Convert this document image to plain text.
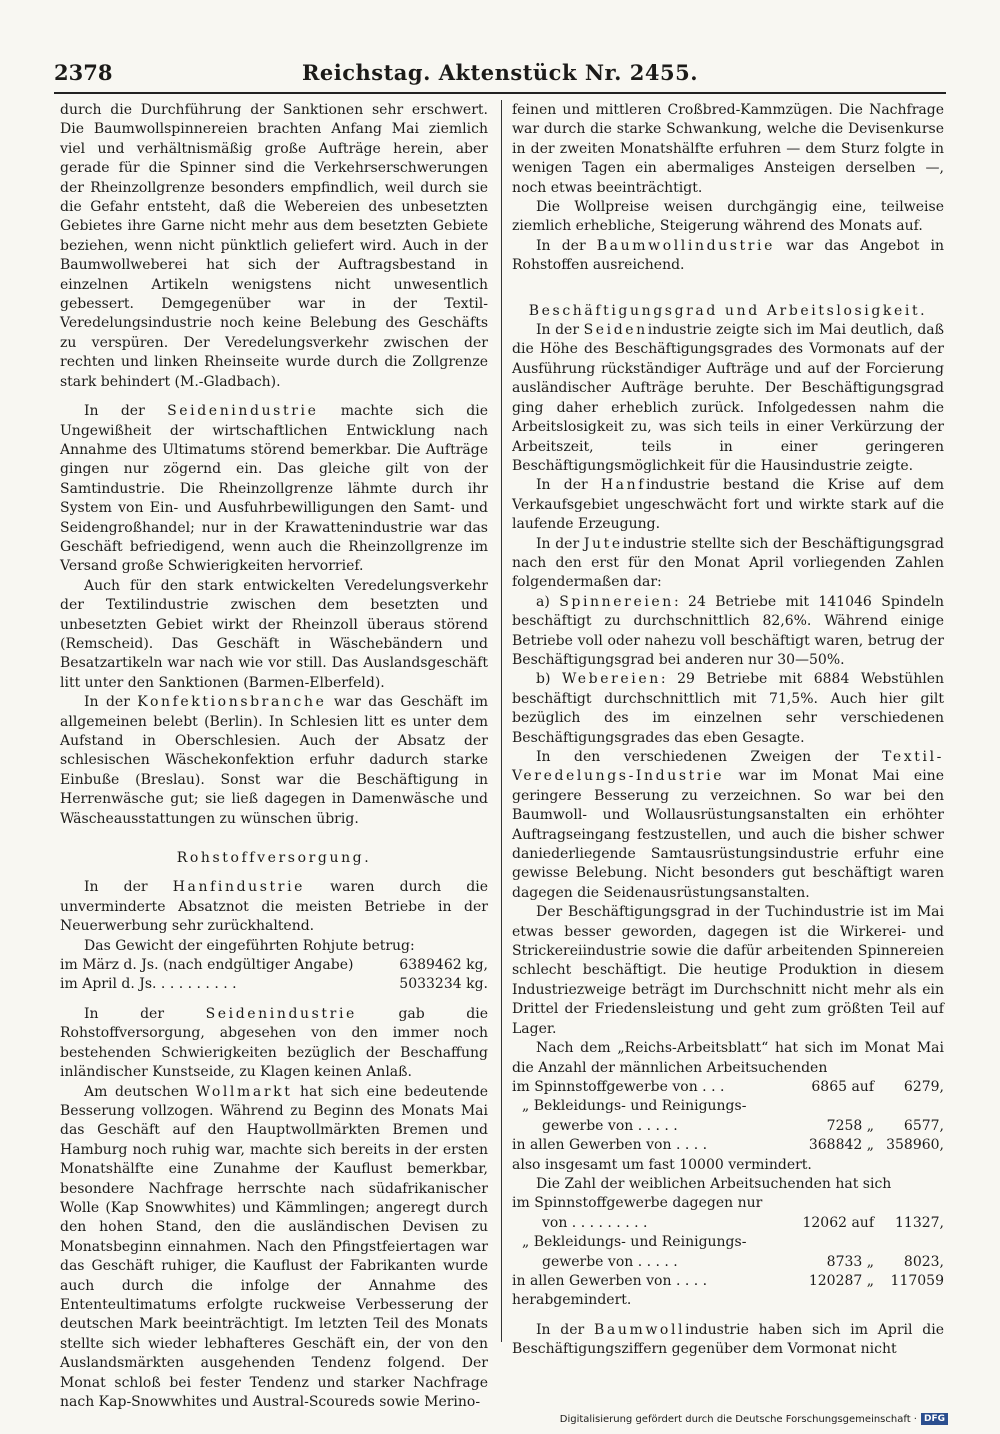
2378	Reichstag. Aktenstück Nr. 2455.

durch die Durchführung der Sanktionen sehr erschwert. Die Baumwollspinnereien brachten Anfang Mai ziemlich viel und verhältnismäßig große Aufträge herein, aber gerade für die Spinner sind die Verkehrserschwerungen der Rheinzollgrenze besonders empfindlich, weil durch sie die Gefahr entsteht, daß die Webereien des unbesetzten Gebietes ihre Garne nicht mehr aus dem besetzten Gebiete beziehen, wenn nicht pünktlich geliefert wird. Auch in der Baumwollweberei hat sich der Auftragsbestand in einzelnen Artikeln wenigstens nicht unwesentlich gebessert. Demgegenüber war in der Textil-Veredelungsindustrie noch keine Belebung des Geschäfts zu verspüren. Der Veredelungsverkehr zwischen der rechten und linken Rheinseite wurde durch die Zollgrenze stark behindert (M.-Gladbach).

In der Seidenindustrie machte sich die Ungewißheit der wirtschaftlichen Entwicklung nach Annahme des Ultimatums störend bemerkbar. Die Aufträge gingen nur zögernd ein. Das gleiche gilt von der Samtindustrie. Die Rheinzollgrenze lähmte durch ihr System von Ein- und Ausfuhrbewilligungen den Samt- und Seidengroßhandel; nur in der Krawattenindustrie war das Geschäft befriedigend, wenn auch die Rheinzollgrenze im Versand große Schwierigkeiten hervorrief.

Auch für den stark entwickelten Veredelungsverkehr der Textilindustrie zwischen dem besetzten und unbesetzten Gebiet wirkt der Rheinzoll überaus störend (Remscheid). Das Geschäft in Wäschebändern und Besatzartikeln war nach wie vor still. Das Auslandsgeschäft litt unter den Sanktionen (Barmen-Elberfeld).

In der Konfektionsbranche war das Geschäft im allgemeinen belebt (Berlin). In Schlesien litt es unter dem Aufstand in Oberschlesien. Auch der Absatz der schlesischen Wäschekonfektion erfuhr dadurch starke Einbuße (Breslau). Sonst war die Beschäftigung in Herrenwäsche gut; sie ließ dagegen in Damenwäsche und Wäscheausstattungen zu wünschen übrig.

Rohstoffversorgung.

In der Hanfindustrie waren durch die unverminderte Absatznot die meisten Betriebe in der Neuerwerbung sehr zurückhaltend.

Das Gewicht der eingeführten Rohjute betrug:

im März d. Js. (nach endgültiger Angabe)	6389462 kg,
im April d. Js. . . . . . . . . .	5033234 kg.

In der Seidenindustrie gab die Rohstoffversorgung, abgesehen von den immer noch bestehenden Schwierigkeiten bezüglich der Beschaffung inländischer Kunstseide, zu Klagen keinen Anlaß.

Am deutschen Wollmarkt hat sich eine bedeutende Besserung vollzogen. Während zu Beginn des Monats Mai das Geschäft auf den Hauptwollmärkten Bremen und Hamburg noch ruhig war, machte sich bereits in der ersten Monatshälfte eine Zunahme der Kauflust bemerkbar, besondere Nachfrage herrschte nach südafrikanischer Wolle (Kap Snowwhites) und Kämmlingen; angeregt durch den hohen Stand, den die ausländischen Devisen zu Monatsbeginn einnahmen. Nach den Pfingstfeiertagen war das Geschäft ruhiger, die Kauflust der Fabrikanten wurde auch durch die infolge der Annahme des Ententeultimatums erfolgte ruckweise Verbesserung der deutschen Mark beeinträchtigt. Im letzten Teil des Monats stellte sich wieder lebhafteres Geschäft ein, der von den Auslandsmärkten ausgehenden Tendenz folgend. Der Monat schloß bei fester Tendenz und starker Nachfrage nach Kap-Snowwhites und Austral-Scoureds sowie Merino-

feinen und mittleren Croßbred-Kammzügen. Die Nachfrage war durch die starke Schwankung, welche die Devisenkurse in der zweiten Monatshälfte erfuhren — dem Sturz folgte in wenigen Tagen ein abermaliges Ansteigen derselben —, noch etwas beeinträchtigt.

Die Wollpreise weisen durchgängig eine, teilweise ziemlich erhebliche, Steigerung während des Monats auf.

In der Baumwollindustrie war das Angebot in Rohstoffen ausreichend.

Beschäftigungsgrad und Arbeitslosigkeit.

In der Seidenindustrie zeigte sich im Mai deutlich, daß die Höhe des Beschäftigungsgrades des Vormonats auf der Ausführung rückständiger Aufträge und auf der Forcierung ausländischer Aufträge beruhte. Der Beschäftigungsgrad ging daher erheblich zurück. Infolgedessen nahm die Arbeitslosigkeit zu, was sich teils in einer Verkürzung der Arbeitszeit, teils in einer geringeren Beschäftigungsmöglichkeit für die Hausindustrie zeigte.

In der Hanfindustrie bestand die Krise auf dem Verkaufsgebiet ungeschwächt fort und wirkte stark auf die laufende Erzeugung.

In der Juteindustrie stellte sich der Beschäftigungsgrad nach den erst für den Monat April vorliegenden Zahlen folgendermaßen dar:

a) Spinnereien: 24 Betriebe mit 141046 Spindeln beschäftigt zu durchschnittlich 82,6%. Während einige Betriebe voll oder nahezu voll beschäftigt waren, betrug der Beschäftigungsgrad bei anderen nur 30—50%.

b) Webereien: 29 Betriebe mit 6884 Webstühlen beschäftigt durchschnittlich mit 71,5%. Auch hier gilt bezüglich des im einzelnen sehr verschiedenen Beschäftigungsgrades das eben Gesagte.

In den verschiedenen Zweigen der Textil-Veredelungs-Industrie war im Monat Mai eine geringere Besserung zu verzeichnen. So war bei den Baumwoll- und Wollausrüstungsanstalten ein erhöhter Auftragseingang festzustellen, und auch die bisher schwer daniederliegende Samtausrüstungsindustrie erfuhr eine gewisse Belebung. Nicht besonders gut beschäftigt waren dagegen die Seidenausrüstungsanstalten.

Der Beschäftigungsgrad in der Tuchindustrie ist im Mai etwas besser geworden, dagegen ist die Wirkerei- und Strickereiindustrie sowie die dafür arbeitenden Spinnereien schlecht beschäftigt. Die heutige Produktion in diesem Industriezweige beträgt im Durchschnitt nicht mehr als ein Drittel der Friedensleistung und geht zum größten Teil auf Lager.

Nach dem „Reichs-Arbeitsblatt“ hat sich im Monat Mai die Anzahl der männlichen Arbeitsuchenden

im Spinnstoffgewerbe von . . .	6865 auf	6279,
„ Bekleidungs- und Reinigungs-
gewerbe von . . . . .	7258 „	6577,
in allen Gewerben von . . . .	368842 „ 358960,

also insgesamt um fast 10000 vermindert.

Die Zahl der weiblichen Arbeitsuchenden hat sich

im Spinnstoffgewerbe dagegen nur
von . . . . . . . . .	12062 auf	11327,
„ Bekleidungs- und Reinigungs-
gewerbe von . . . . .	8733 „	8023,
in allen Gewerben von . . . .	120287 „	117059

herabgemindert.

In der Baumwollindustrie haben sich im April die Beschäftigungsziffern gegenüber dem Vormonat nicht

Digitalisierung gefördert durch die Deutsche Forschungsgemeinschaft · DFG
